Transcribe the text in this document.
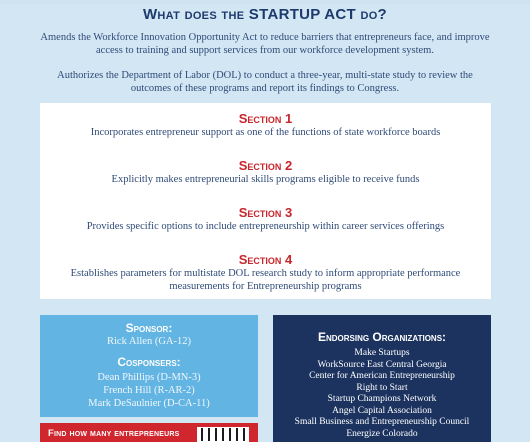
What does the STARTUP ACT do?

Amends the Workforce Innovation Opportunity Act to reduce barriers that entrepreneurs face, and improve access to training and support services from our workforce development system.

Authorizes the Department of Labor (DOL) to conduct a three-year, multi-state study to review the outcomes of these programs and report its findings to Congress.

Section 1
Incorporates entrepreneur support as one of the functions of state workforce boards
Section 2
Explicitly makes entrepreneurial skills programs eligible to receive funds
Section 3
Provides specific options to include entrepreneurship within career services offerings
Section 4
Establishes parameters for multistate DOL research study to inform appropriate performance measurements for Entrepreneurship programs
Sponsor:
Rick Allen (GA-12)
Cosponsers:
Dean Phillips (D-MN-3)
French Hill (R-AR-2)
Mark DeSaulnier (D-CA-11)
Find how many entrepreneurs
Endorsing Organizations:
Make Startups
WorkSource East Central Georgia
Center for American Entrepreneurship
Right to Start
Startup Champions Network
Angel Capital Association
Small Business and Entrepreneurship Council
Energize Colorado
